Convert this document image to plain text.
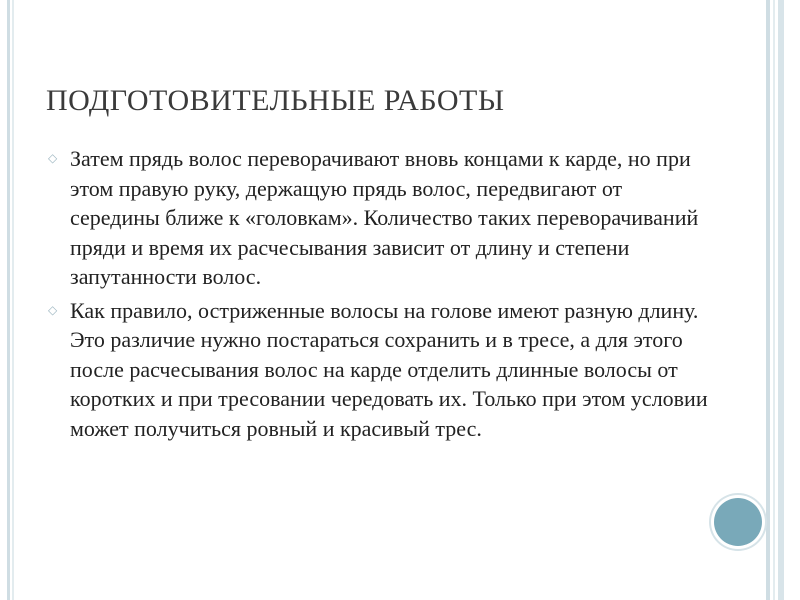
ПОДГОТОВИТЕЛЬНЫЕ РАБОТЫ
◇ Затем прядь волос переворачивают вновь концами к карде, но при этом правую руку, держащую прядь волос, передвигают от середины ближе к «головкам». Количество таких переворачиваний пряди и время их расчесывания зависит от длину и степени запутанности волос.
◇ Как правило, остриженные волосы на голове имеют разную длину. Это различие нужно постараться сохранить и в тресе, а для этого после расчесывания волос на карде отделить длинные волосы от коротких и при тресовании чередовать их. Только при этом условии может получиться ровный и красивый трес.
